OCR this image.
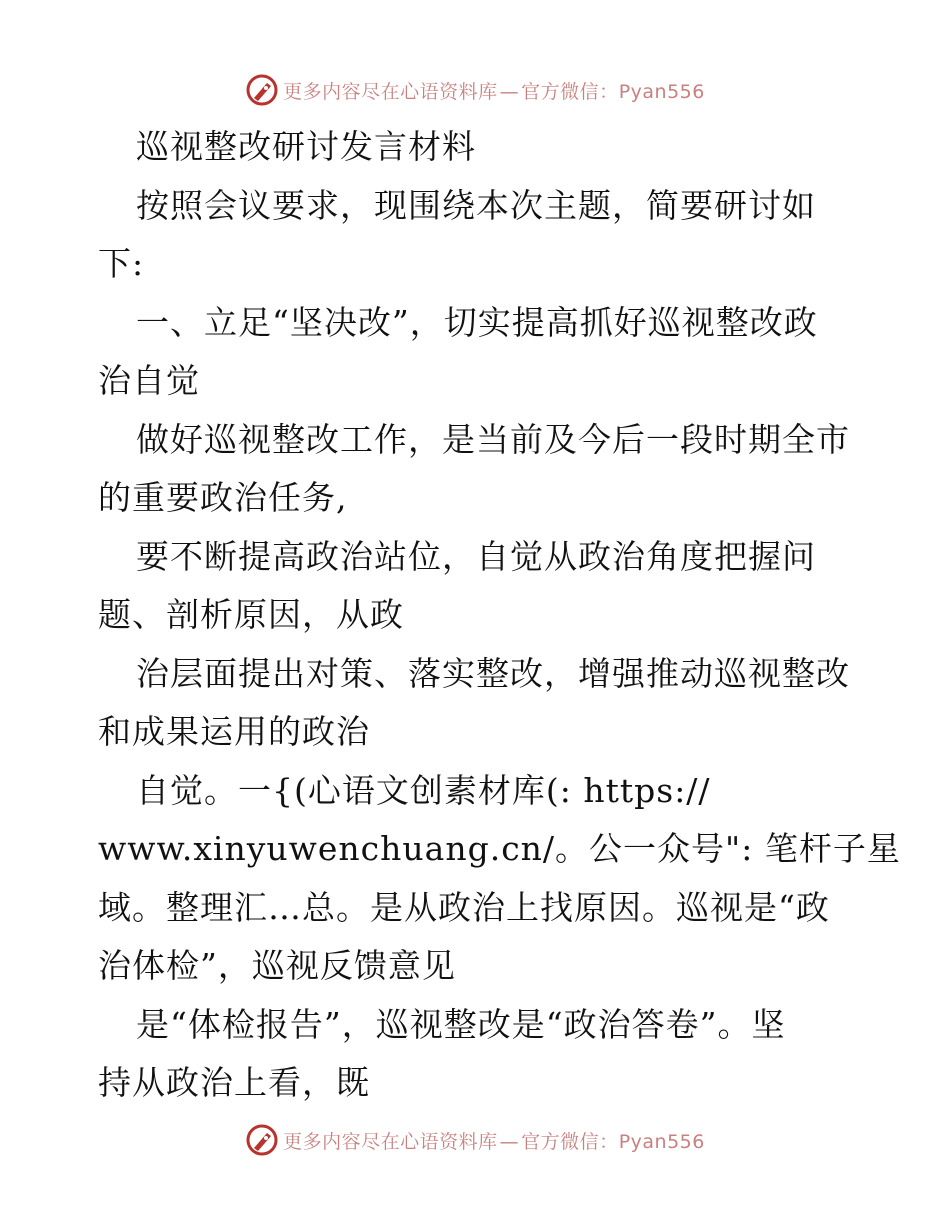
更多内容尽在心语资料库 — 官方微信：Pyan556
巡视整改研讨发言材料
按照会议要求，现围绕本次主题，简要研讨如
下:
一、立足“坚决改”，切实提高抓好巡视整改政
治自觉
做好巡视整改工作，是当前及今后一段时期全市
的重要政治任务,
要不断提高政治站位，自觉从政治角度把握问
题、剖析原因，从政
治层面提出对策、落实整改，增强推动巡视整改
和成果运用的政治
自觉。一{(心语文创素材库(: https://
www.xinyuwenchuang.cn/。公一众号": 笔杆子星
域。整理汇…总。是从政治上找原因。巡视是“政
治体检”，巡视反馈意见
是“体检报告”，巡视整改是“政治答卷”。坚
持从政治上看，既
更多内容尽在心语资料库 — 官方微信：Pyan556
